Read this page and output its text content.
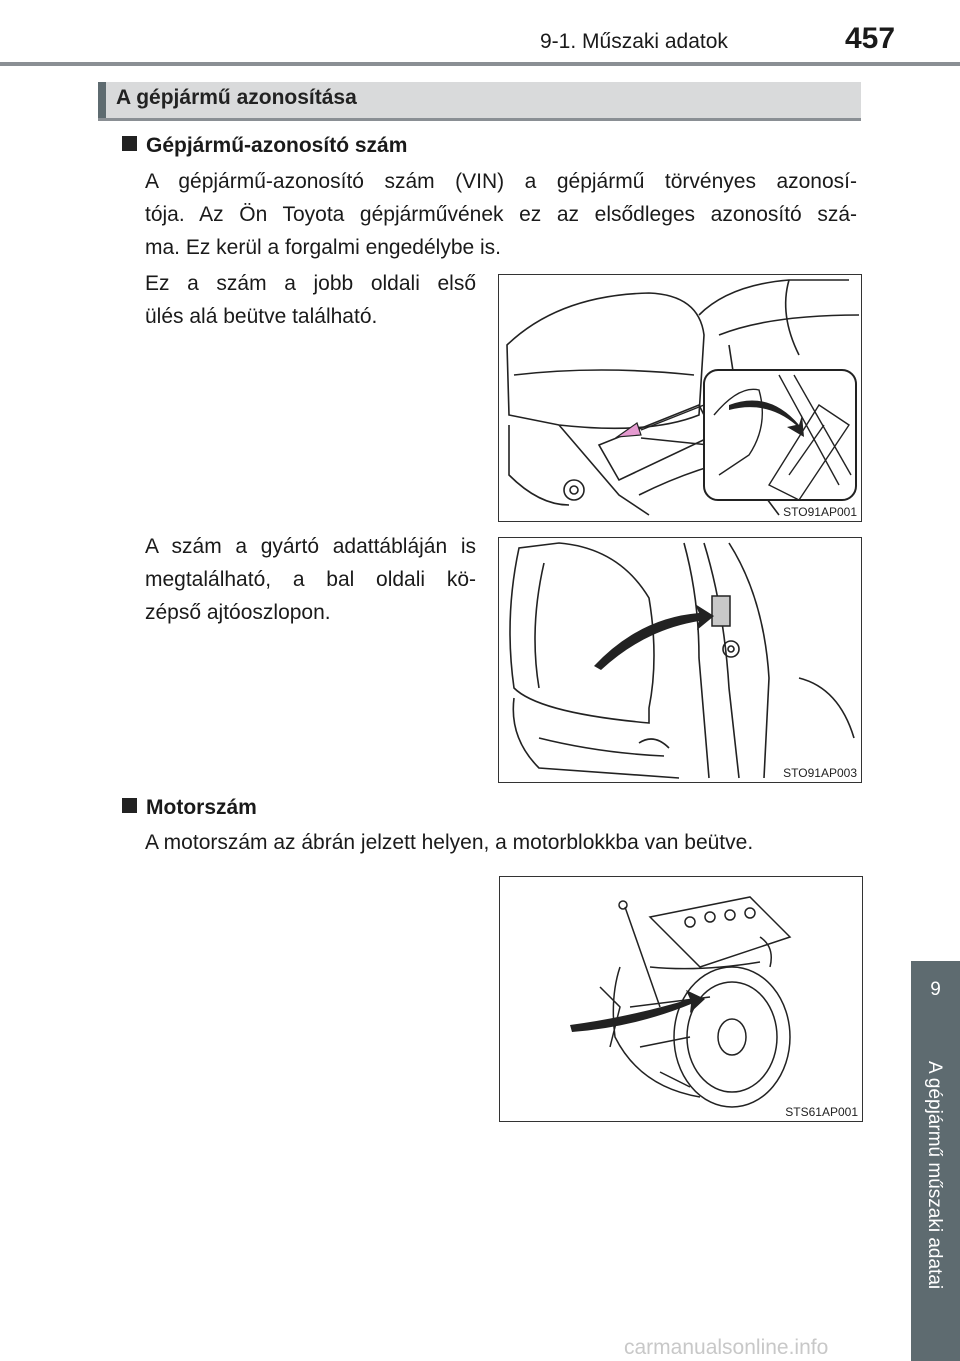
9-1. Műszaki adatok	457
A gépjármű azonosítása
Gépjármű-azonosító szám

A gépjármű-azonosító szám (VIN) a gépjármű törvényes azonosí-
tója. Az Ön Toyota gépjárművének ez az elsődleges azonosító szá-
ma. Ez kerül a forgalmi engedélybe is.

Ez a szám a jobb oldali első
ülés alá beütve található.

STO91AP001

A szám a gyártó adattábláján is
megtalálható, a bal oldali kö-
zépső ajtóoszlopon.

STO91AP003
Motorszám

A motorszám az ábrán jelzett helyen, a motorblokkba van beütve.

STS61AP001
9
A gépjármű műszaki adatai
carmanualsonline.info
